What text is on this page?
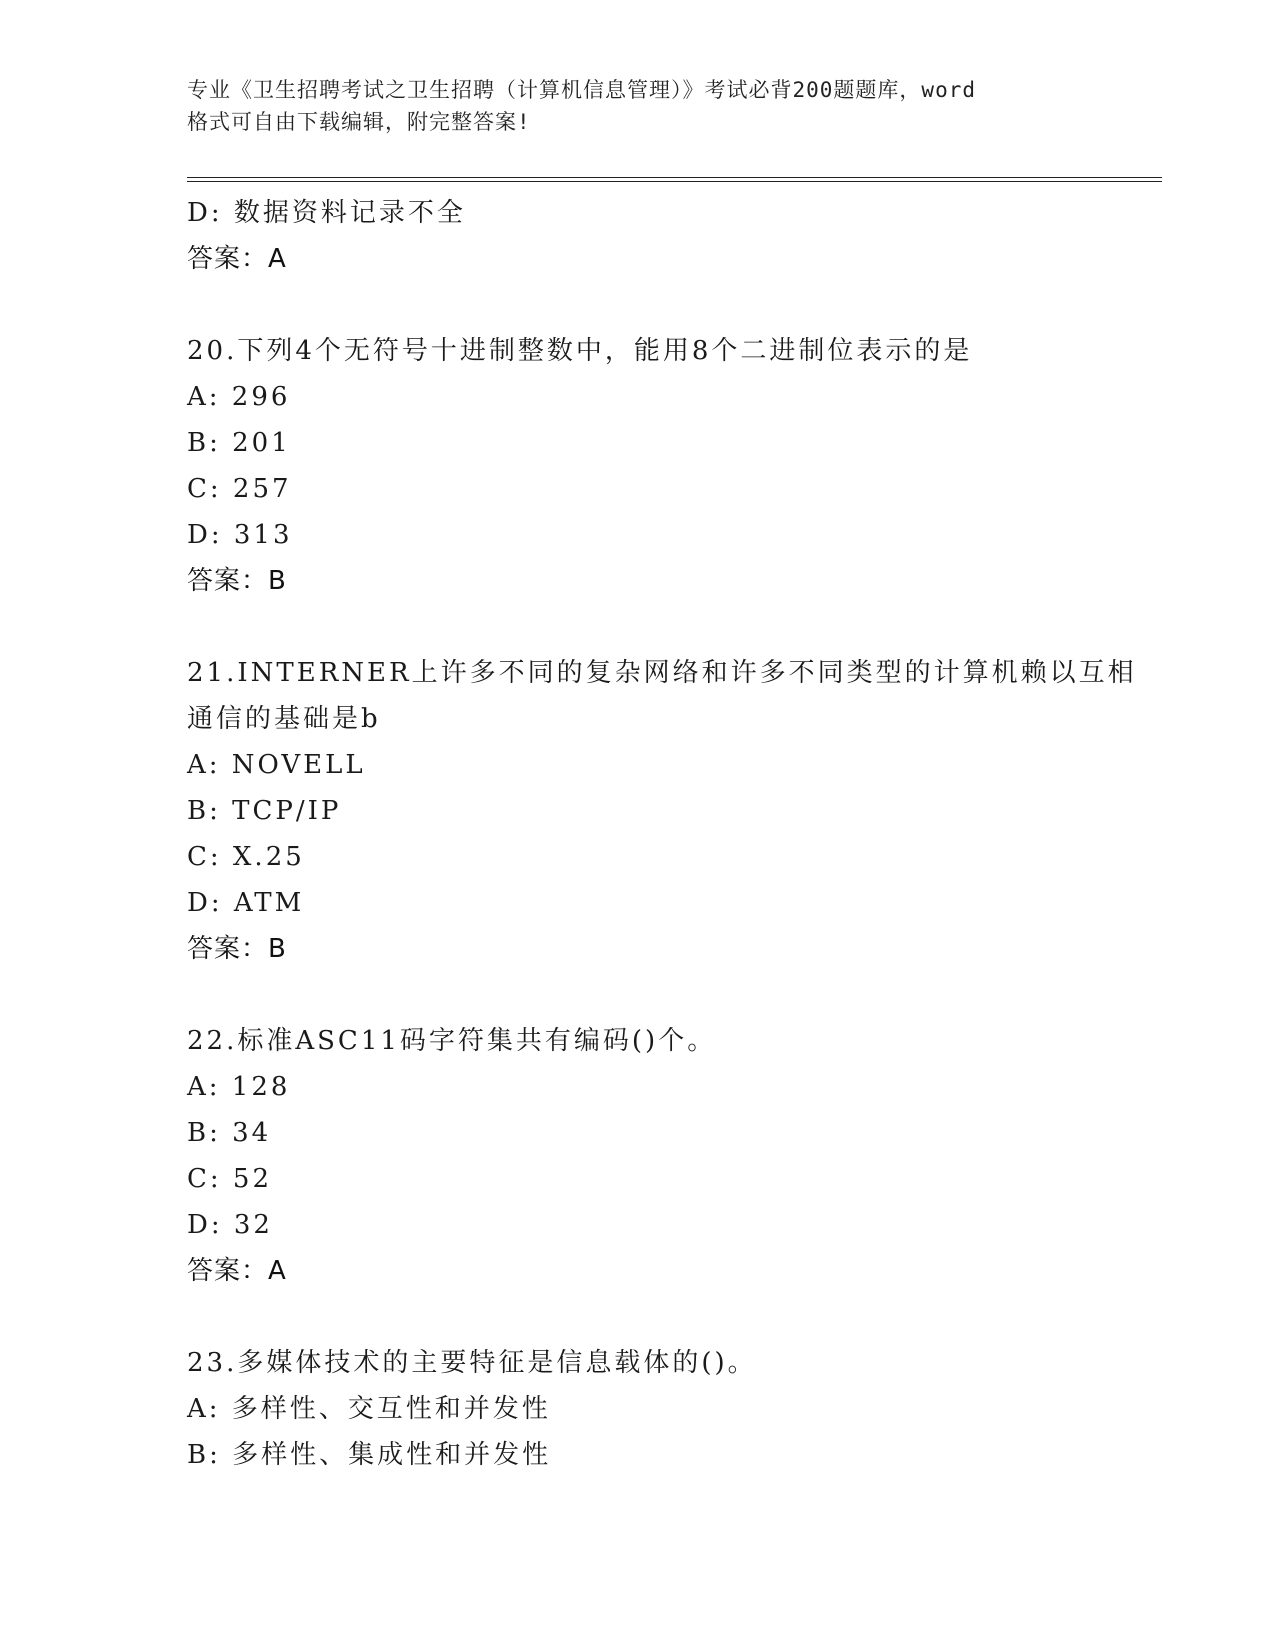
专业《卫生招聘考试之卫生招聘（计算机信息管理）》考试必背200题题库，word
格式可自由下载编辑，附完整答案!
D: 数据资料记录不全
答案：A
20.下列4个无符号十进制整数中，能用8个二进制位表示的是
A: 296
B: 201
C: 257
D: 313
答案：B
21.INTERNER上许多不同的复杂网络和许多不同类型的计算机赖以互相
通信的基础是b
A: NOVELL
B: TCP/IP
C: X.25
D: ATM
答案：B
22.标准ASC11码字符集共有编码()个。
A: 128
B: 34
C: 52
D: 32
答案：A
23.多媒体技术的主要特征是信息载体的()。
A: 多样性、交互性和并发性
B: 多样性、集成性和并发性
